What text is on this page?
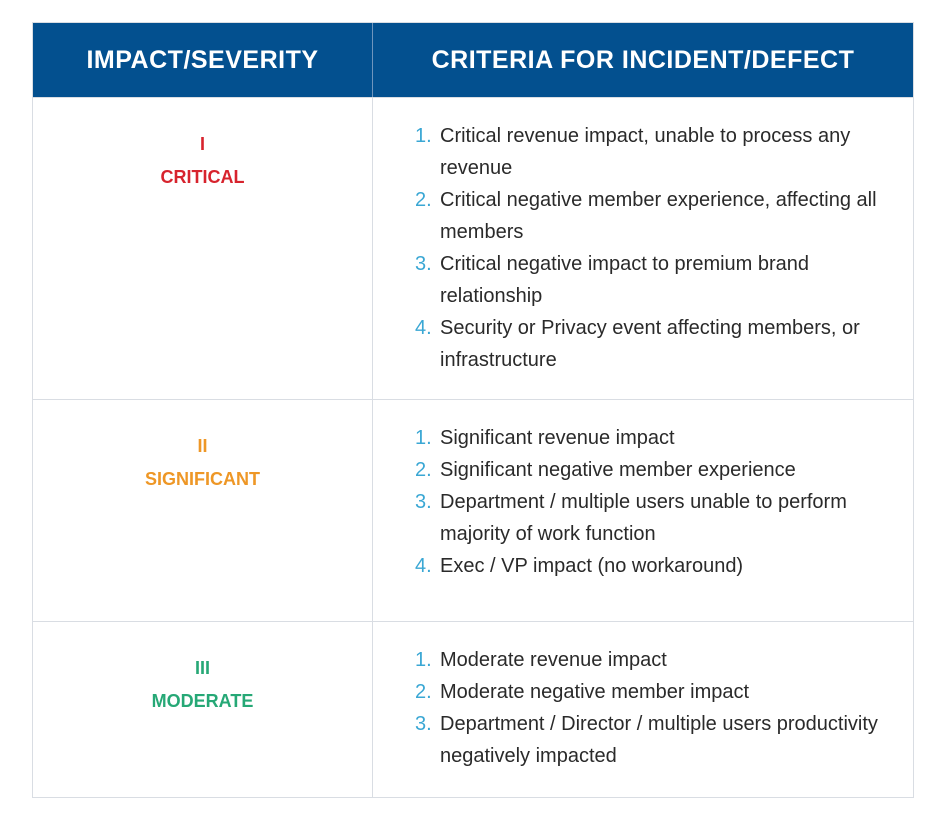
IMPACT/SEVERITY	CRITERIA FOR INCIDENT/DEFECT
I
CRITICAL
1. Critical revenue impact, unable to process any revenue
2. Critical negative member experience, affecting all members
3. Critical negative impact to premium brand relationship
4. Security or Privacy event affecting members, or infrastructure
II
SIGNIFICANT
1. Significant revenue impact
2. Significant negative member experience
3. Department / multiple users unable to perform majority of work function
4. Exec / VP impact (no workaround)
III
MODERATE
1. Moderate revenue impact
2. Moderate negative member impact
3. Department / Director / multiple users productivity negatively impacted
